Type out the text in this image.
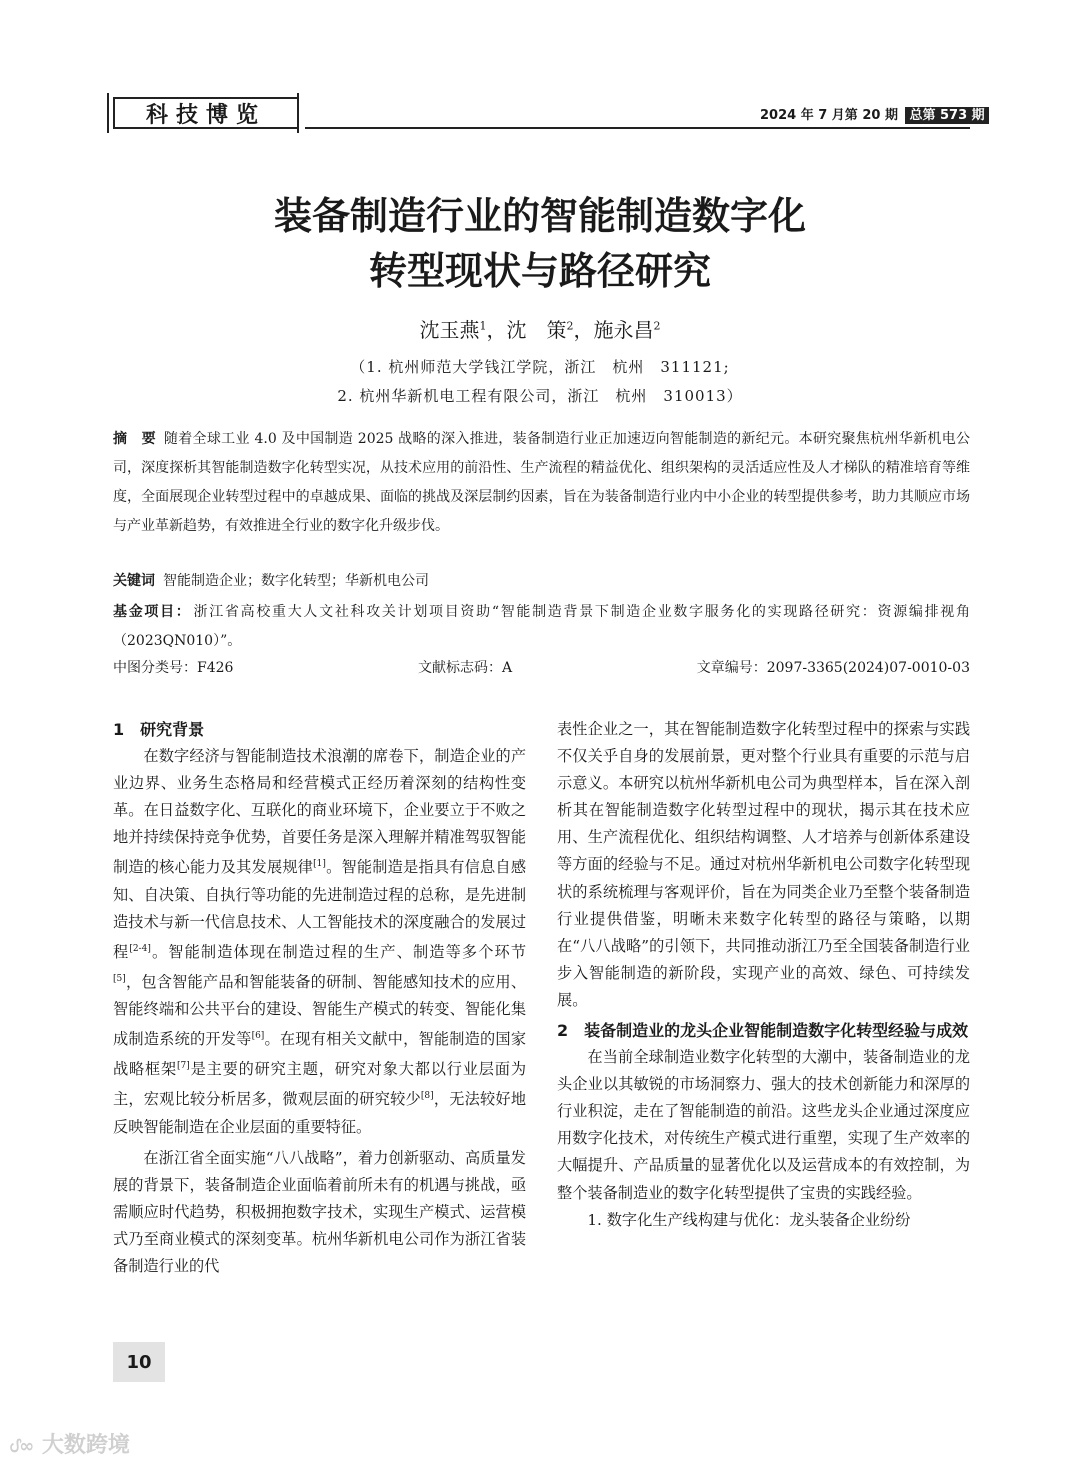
科技博览	2024 年 7 月第 20 期 总第 573 期
装备制造行业的智能制造数字化
转型现状与路径研究
沈玉燕$^1$，沈　策$^2$，施永昌$^2$
（1. 杭州师范大学钱江学院，浙江　杭州　311121;
2. 杭州华新机电工程有限公司，浙江　杭州　310013）
摘　要 随着全球工业 4.0 及中国制造 2025 战略的深入推进，装备制造行业正加速迈向智能制造的新纪元。本研究聚焦杭州华新机电公司，深度探析其智能制造数字化转型实况，从技术应用的前沿性、生产流程的精益优化、组织架构的灵活适应性及人才梯队的精准培育等维度，全面展现企业转型过程中的卓越成果、面临的挑战及深层制约因素，旨在为装备制造行业内中小企业的转型提供参考，助力其顺应市场与产业革新趋势，有效推进全行业的数字化升级步伐。
关键词 智能制造企业；数字化转型；华新机电公司
基金项目： 浙江省高校重大人文社科攻关计划项目资助“智能制造背景下制造企业数字服务化的实现路径研究：资源编排视角（2023QN010）”。
中图分类号：F426	文献标志码：A	文章编号：2097-3365(2024)07-0010-03

1　研究背景

在数字经济与智能制造技术浪潮的席卷下，制造企业的产业边界、业务生态格局和经营模式正经历着深刻的结构性变革。在日益数字化、互联化的商业环境下，企业要立于不败之地并持续保持竞争优势，首要任务是深入理解并精准驾驭智能制造的核心能力及其发展规律[1]。智能制造是指具有信息自感知、自决策、自执行等功能的先进制造过程的总称，是先进制造技术与新一代信息技术、人工智能技术的深度融合的发展过程[2-4]。智能制造体现在制造过程的生产、制造等多个环节[5]，包含智能产品和智能装备的研制、智能感知技术的应用、智能终端和公共平台的建设、智能生产模式的转变、智能化集成制造系统的开发等[6]。在现有相关文献中，智能制造的国家战略框架[7]是主要的研究主题，研究对象大都以行业层面为主，宏观比较分析居多，微观层面的研究较少[8]，无法较好地反映智能制造在企业层面的重要特征。

在浙江省全面实施“八八战略”，着力创新驱动、高质量发展的背景下，装备制造企业面临着前所未有的机遇与挑战，亟需顺应时代趋势，积极拥抱数字技术，实现生产模式、运营模式乃至商业模式的深刻变革。杭州华新机电公司作为浙江省装备制造行业的代

表性企业之一，其在智能制造数字化转型过程中的探索与实践不仅关乎自身的发展前景，更对整个行业具有重要的示范与启示意义。本研究以杭州华新机电公司为典型样本，旨在深入剖析其在智能制造数字化转型过程中的现状，揭示其在技术应用、生产流程优化、组织结构调整、人才培养与创新体系建设等方面的经验与不足。通过对杭州华新机电公司数字化转型现状的系统梳理与客观评价，旨在为同类企业乃至整个装备制造行业提供借鉴，明晰未来数字化转型的路径与策略，以期在“八八战略”的引领下，共同推动浙江乃至全国装备制造行业步入智能制造的新阶段，实现产业的高效、绿色、可持续发展。

2　装备制造业的龙头企业智能制造数字化转型经验与成效

在当前全球制造业数字化转型的大潮中，装备制造业的龙头企业以其敏锐的市场洞察力、强大的技术创新能力和深厚的行业积淀，走在了智能制造的前沿。这些龙头企业通过深度应用数字化技术，对传统生产模式进行重塑，实现了生产效率的大幅提升、产品质量的显著优化以及运营成本的有效控制，为整个装备制造业的数字化转型提供了宝贵的实践经验。

1. 数字化生产线构建与优化：龙头装备企业纷纷

10
ᦔ∞ 大数跨境
